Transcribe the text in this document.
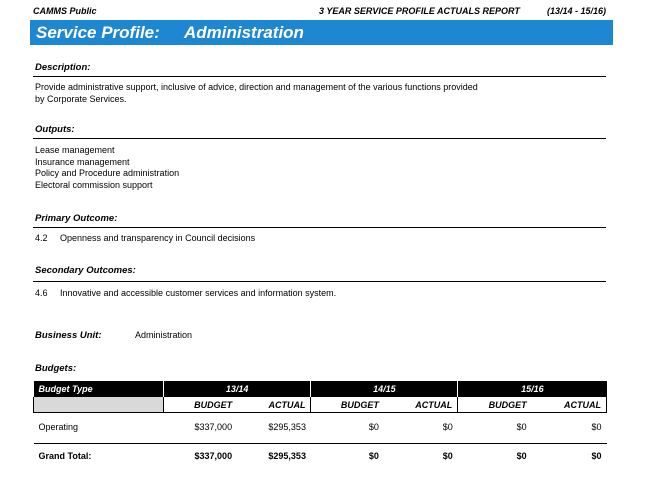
CAMMS Public	3 YEAR SERVICE PROFILE ACTUALS REPORT	(13/14 - 15/16)
Service Profile: Administration
Description:
Provide administrative support, inclusive of advice, direction and management of the various functions provided
by Corporate Services.
Outputs:
Lease management
Insurance management
Policy and Procedure administration
Electoral commission support
Primary Outcome:
4.2 Openness and transparency in Council decisions
Secondary Outcomes:
4.6 Innovative and accessible customer services and information system.
Business Unit:	Administration
Budgets:
Budget Type	13/14		14/15		15/16	
	BUDGET	ACTUAL	BUDGET	ACTUAL	BUDGET	ACTUAL
Operating	$337,000	$295,353	$0	$0	$0	$0

Grand Total:	$337,000	$295,353	$0	$0	$0	$0
